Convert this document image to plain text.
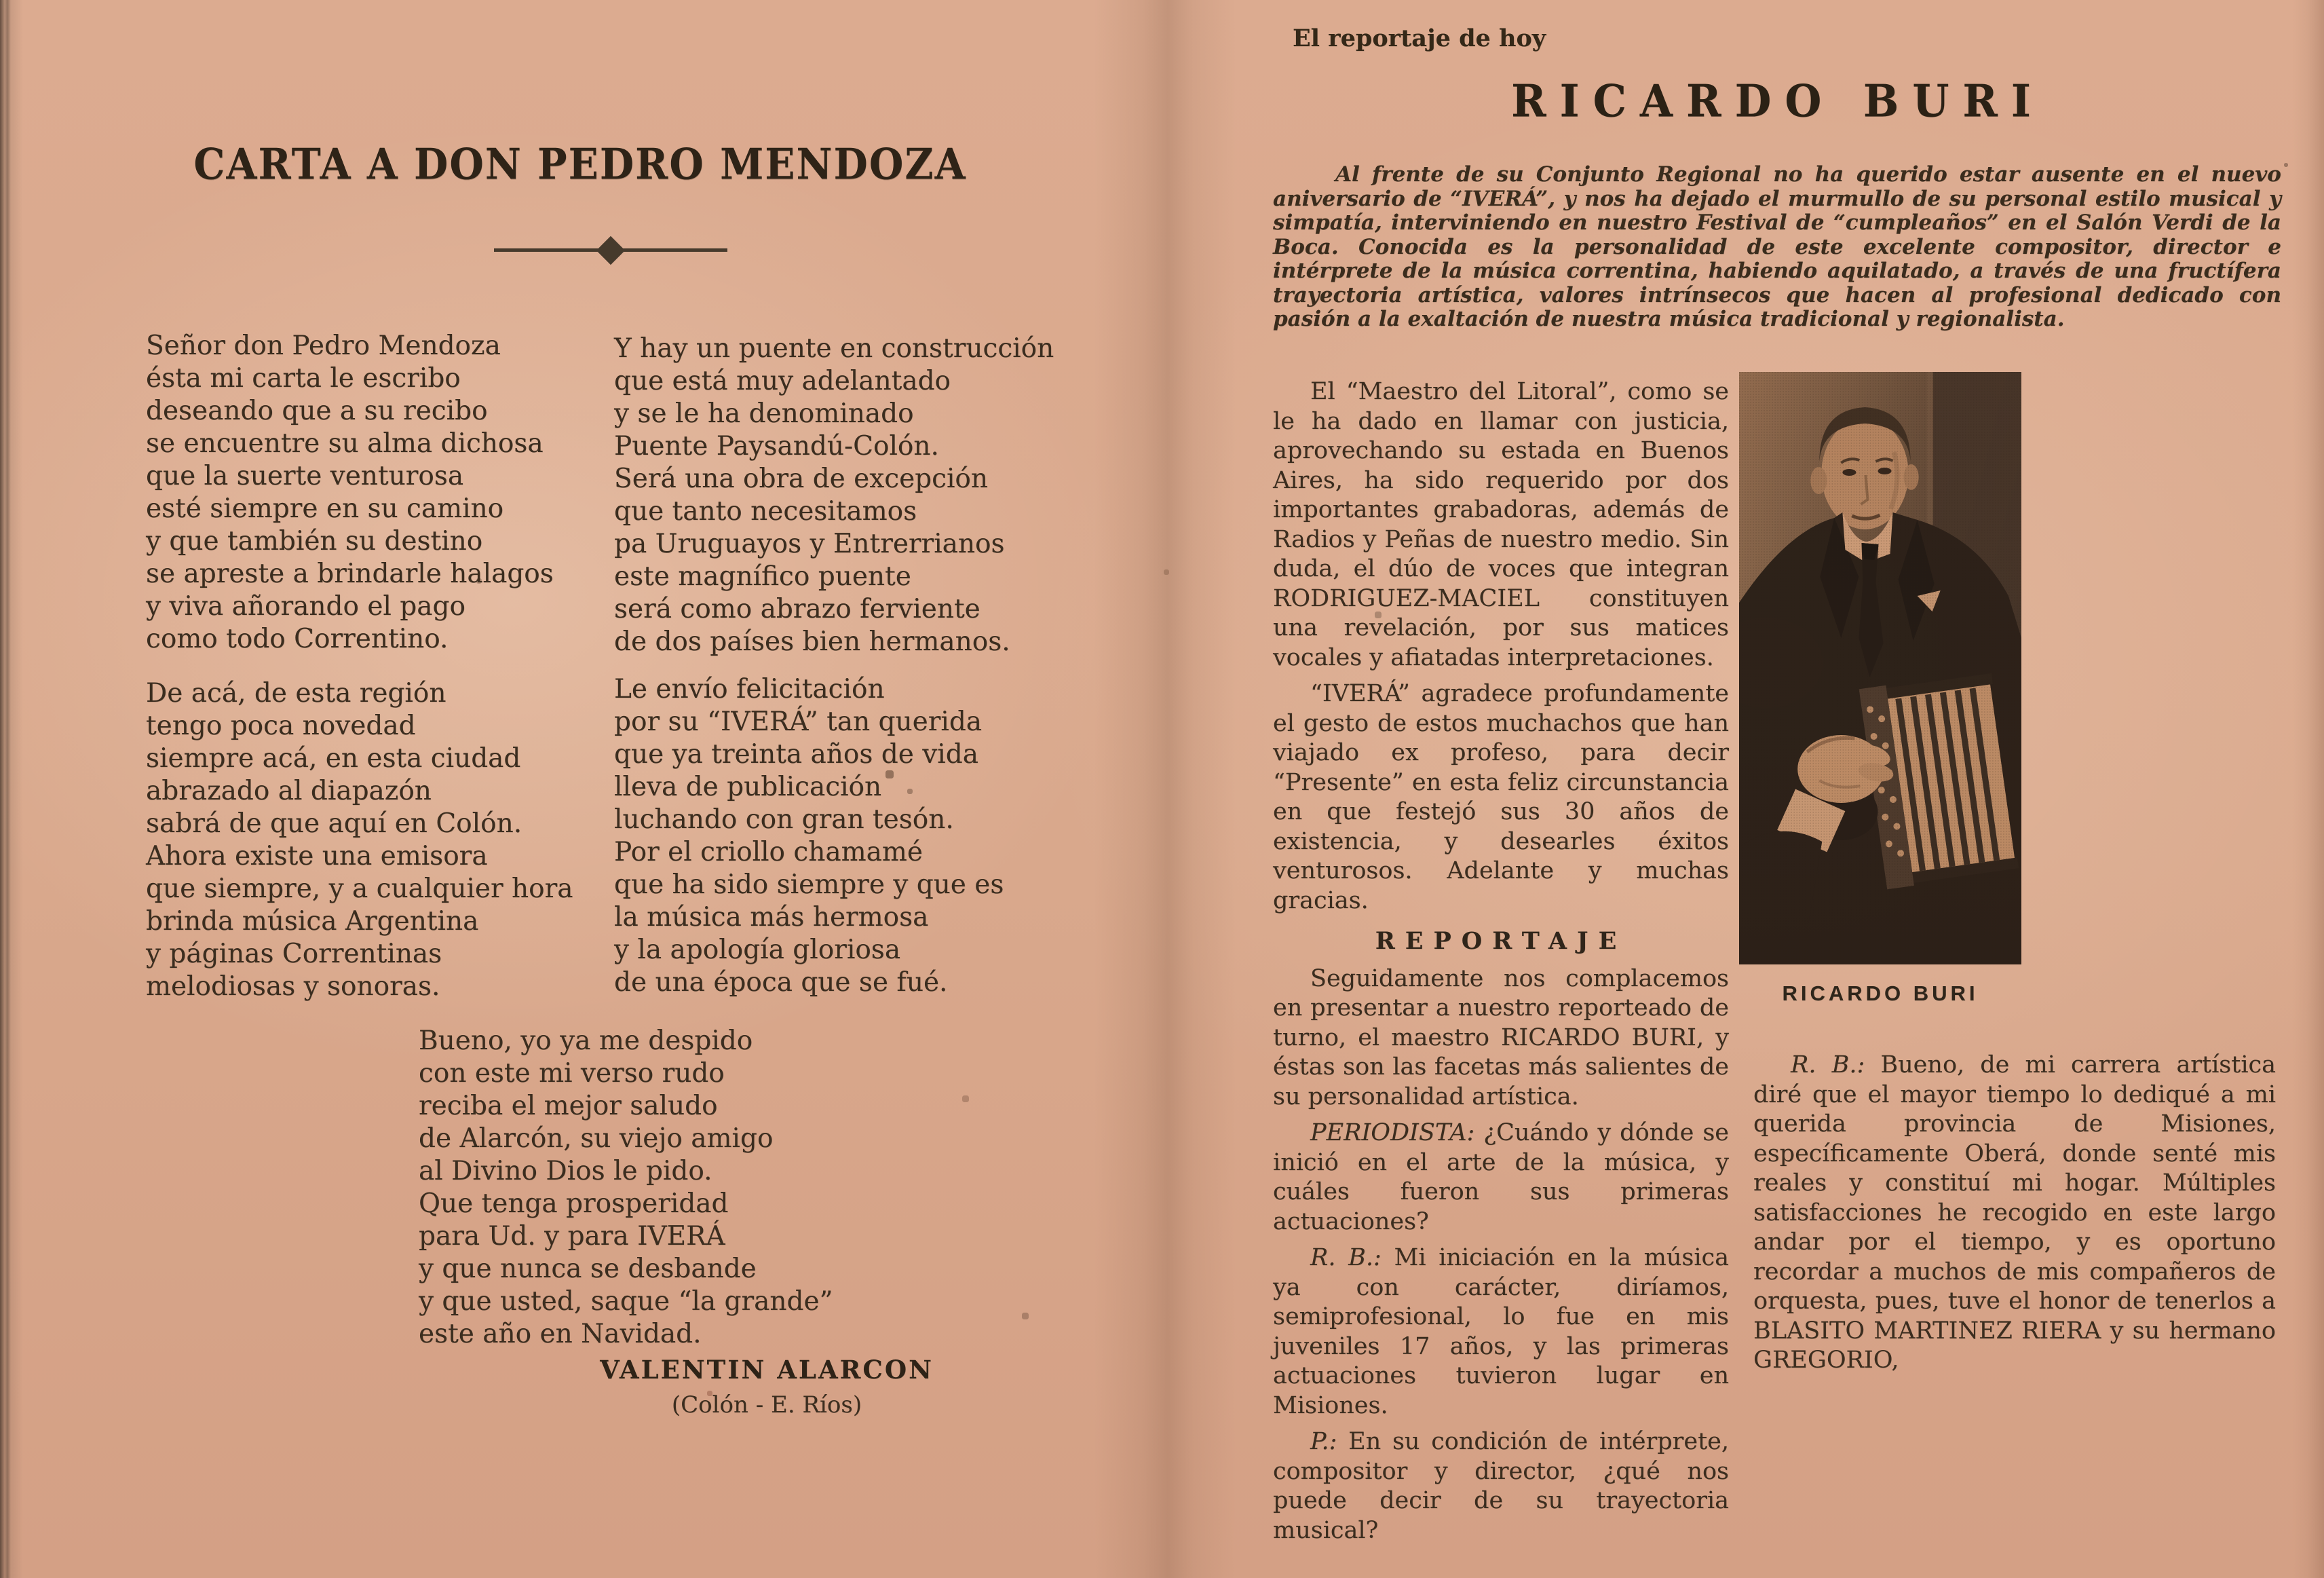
CARTA A DON PEDRO MENDOZA
Señor don Pedro Mendoza
ésta mi carta le escribo
deseando que a su recibo
se encuentre su alma dichosa
que la suerte venturosa
esté siempre en su camino
y que también su destino
se apreste a brindarle halagos
y viva añorando el pago
como todo Correntino.
De acá, de esta región
tengo poca novedad
siempre acá, en esta ciudad
abrazado al diapazón
sabrá de que aquí en Colón.
Ahora existe una emisora
que siempre, y a cualquier hora
brinda música Argentina
y páginas Correntinas
melodiosas y sonoras.
Y hay un puente en construcción
que está muy adelantado
y se le ha denominado
Puente Paysandú-Colón.
Será una obra de excepción
que tanto necesitamos
pa Uruguayos y Entrerrianos
este magnífico puente
será como abrazo ferviente
de dos países bien hermanos.
Le envío felicitación
por su “IVERÁ” tan querida
que ya treinta años de vida
lleva de publicación
luchando con gran tesón.
Por el criollo chamamé
que ha sido siempre y que es
la música más hermosa
y la apología gloriosa
de una época que se fué.
Bueno, yo ya me despido
con este mi verso rudo
reciba el mejor saludo
de Alarcón, su viejo amigo
al Divino Dios le pido.
Que tenga prosperidad
para Ud. y para IVERÁ
y que nunca se desbande
y que usted, saque “la grande”
este año en Navidad.
VALENTIN ALARCON
(Colón - E. Ríos)
El reportaje de hoy
RICARDO BURI

Al frente de su Conjunto Regional no ha querido estar ausente en el nuevo aniversario de “IVERÁ”, y nos ha dejado el murmullo de su personal estilo musical y simpatía, interviniendo en nuestro Festival de “cumpleaños” en el Salón Verdi de la Boca. Conocida es la personalidad de este excelente compositor, director e intérprete de la música correntina, habiendo aquilatado, a través de una fructífera trayectoria artística, valores intrínsecos que hacen al profesional dedicado con pasión a la exaltación de nuestra música tradicional y regionalista.

El “Maestro del Litoral”, como se le ha dado en llamar con justicia, aprovechando su estada en Buenos Aires, ha sido requerido por dos importantes grabadoras, además de Radios y Peñas de nuestro medio. Sin duda, el dúo de voces que integran RODRIGUEZ-MACIEL constituyen una revelación, por sus matices vocales y afiatadas interpretaciones.

“IVERÁ” agradece profundamente el gesto de estos muchachos que han viajado ex profeso, para decir “Presente” en esta feliz circunstancia en que festejó sus 30 años de existencia, y desearles éxitos venturosos. Adelante y muchas gracias.

REPORTAJE

Seguidamente nos complacemos en presentar a nuestro reporteado de turno, el maestro RICARDO BURI, y éstas son las facetas más salientes de su personalidad artística.

PERIODISTA: ¿Cuándo y dónde se inició en el arte de la música, y cuáles fueron sus primeras actuaciones?

R. B.: Mi iniciación en la música ya con carácter, diríamos, semiprofesional, lo fue en mis juveniles 17 años, y las primeras actuaciones tuvieron lugar en Misiones.

P.: En su condición de intérprete, compositor y director, ¿qué nos puede decir de su trayectoria musical?

RICARDO BURI

R. B.: Bueno, de mi carrera artística diré que el mayor tiempo lo dediqué a mi querida provincia de Misiones, específicamente Oberá, donde senté mis reales y constituí mi hogar. Múltiples satisfacciones he recogido en este largo andar por el tiempo, y es oportuno recordar a muchos de mis compañeros de orquesta, pues, tuve el honor de tenerlos a BLASITO MARTINEZ RIERA y su hermano GREGORIO,
